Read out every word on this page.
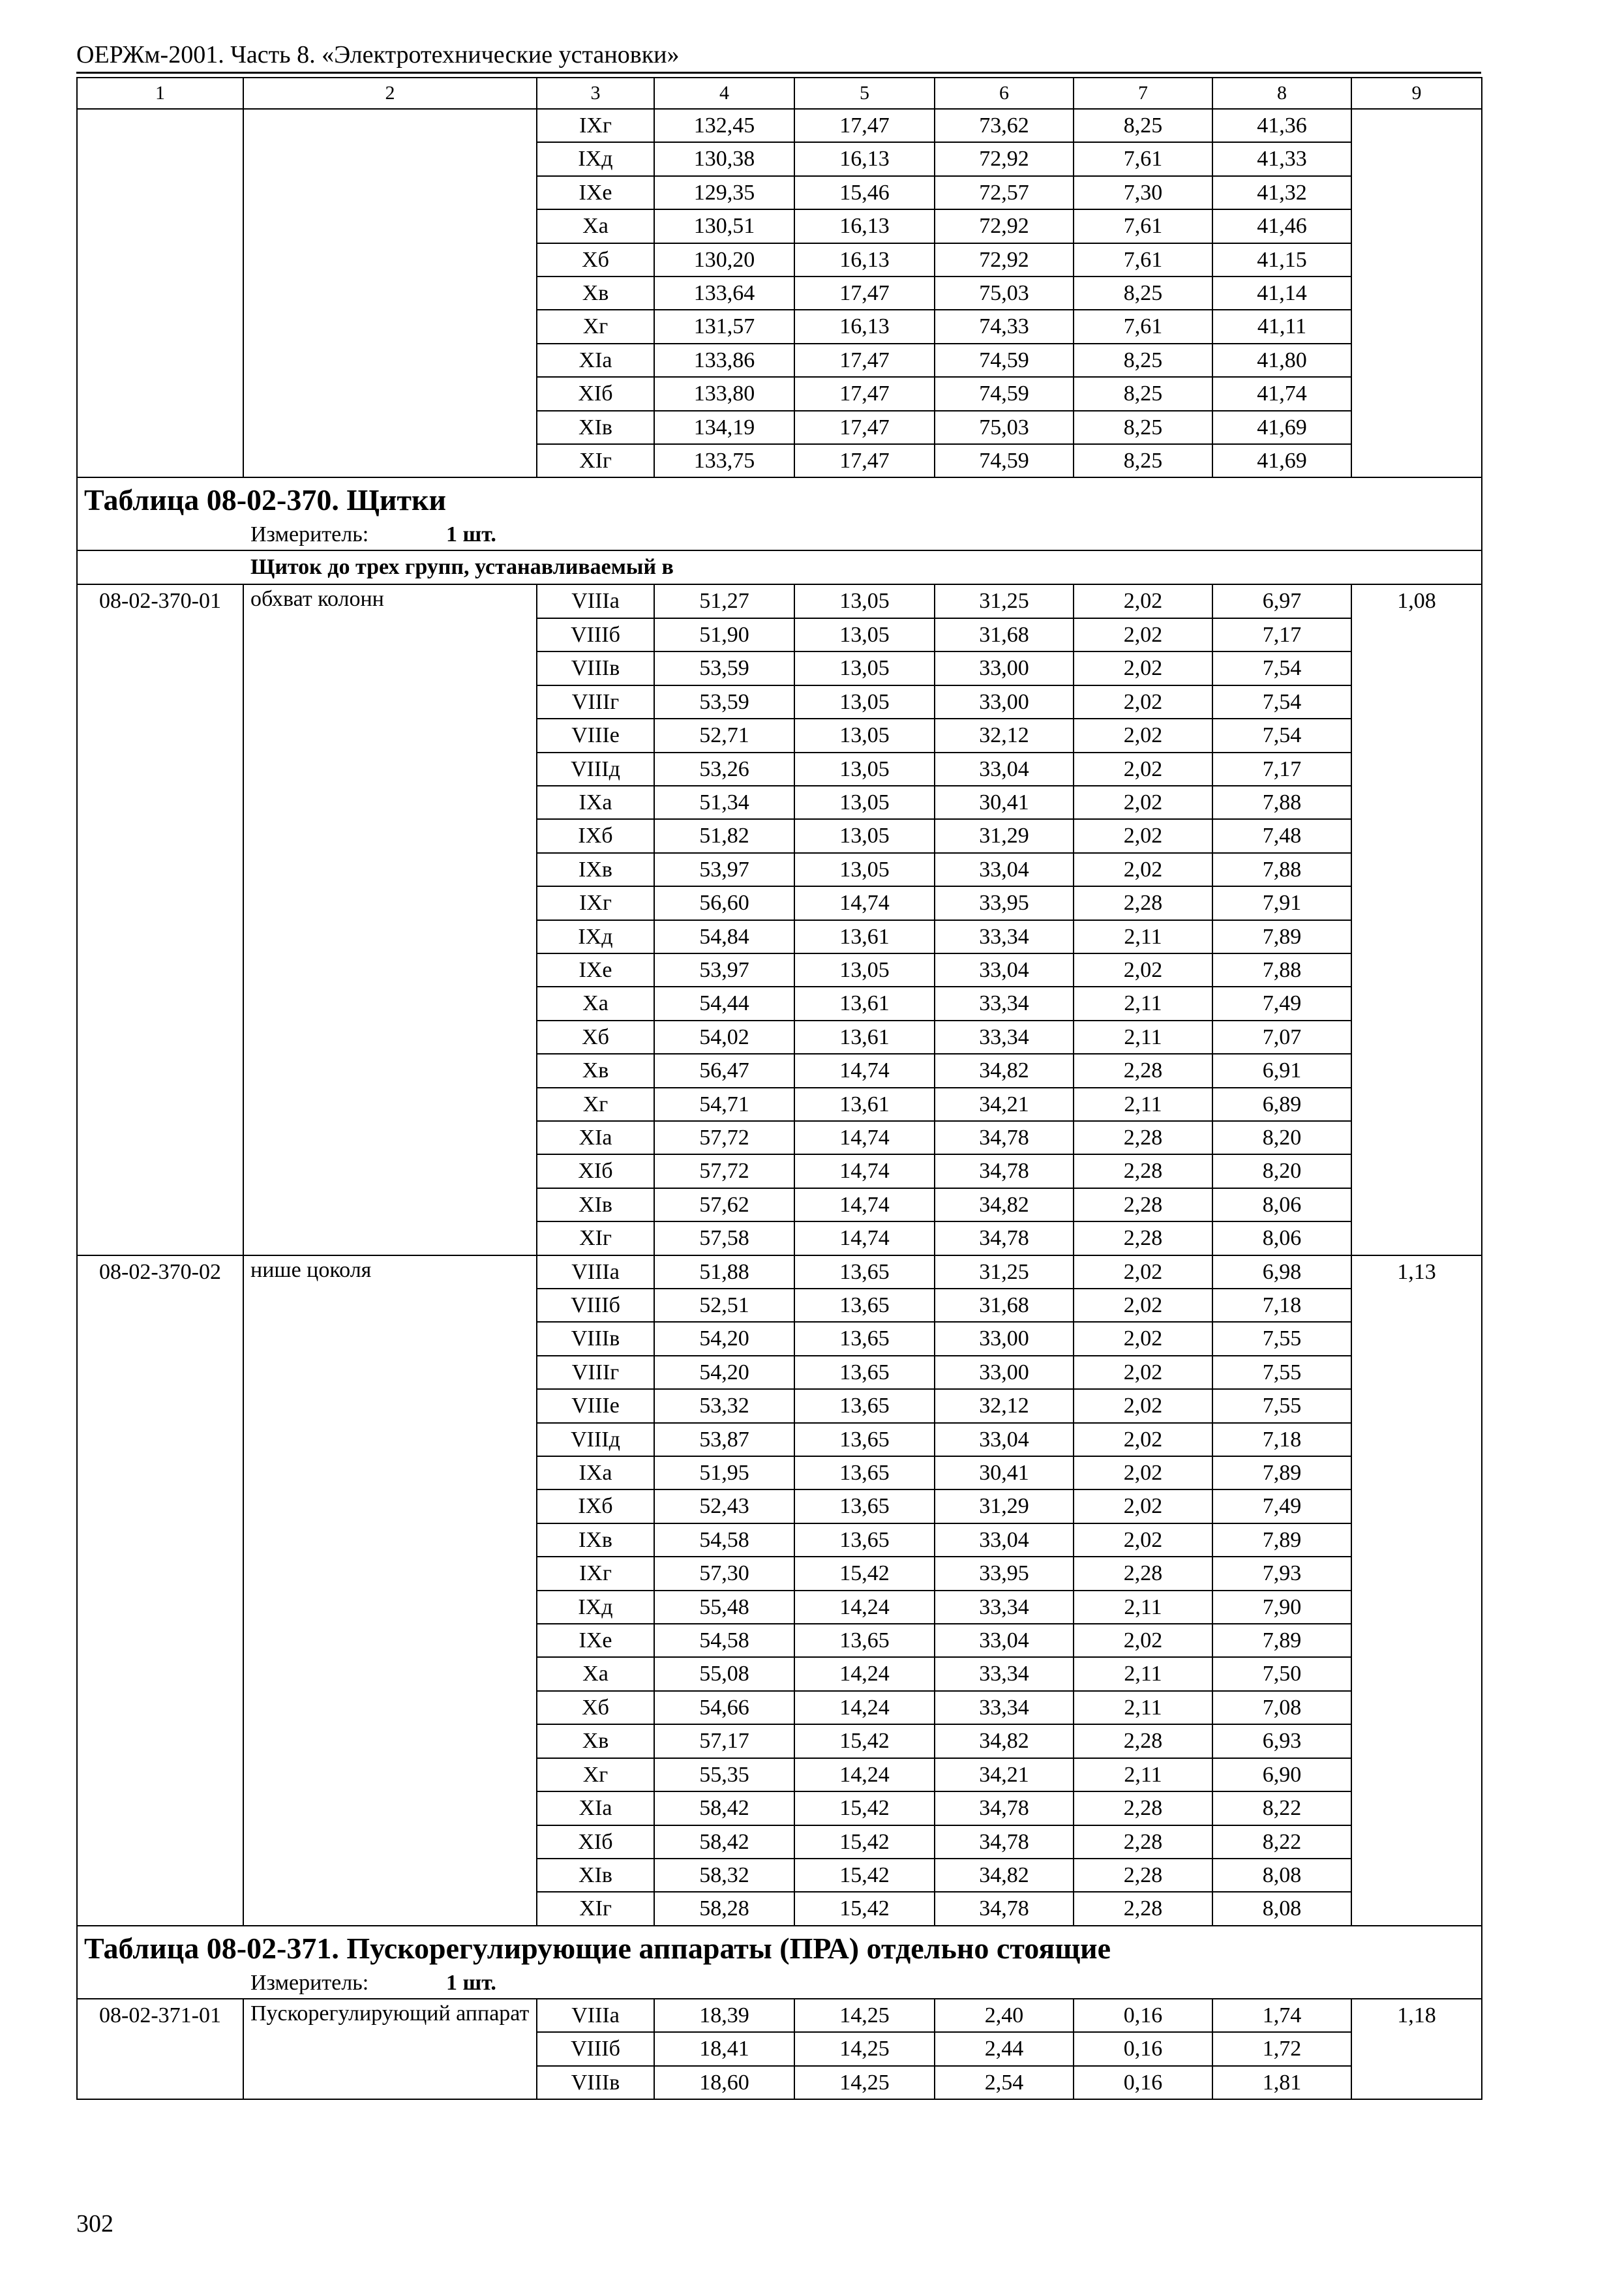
ОЕРЖм-2001. Часть 8. «Электротехнические установки»
1	2	3	4	5	6	7	8	9
		IXг	132,45	17,47	73,62	8,25	41,36	
		IXд	130,38	16,13	72,92	7,61	41,33	
		IXе	129,35	15,46	72,57	7,30	41,32	
		Xa	130,51	16,13	72,92	7,61	41,46	
		Xб	130,20	16,13	72,92	7,61	41,15	
		Xв	133,64	17,47	75,03	8,25	41,14	
		Xг	131,57	16,13	74,33	7,61	41,11	
		XIa	133,86	17,47	74,59	8,25	41,80	
		XIб	133,80	17,47	74,59	8,25	41,74	
		XIв	134,19	17,47	75,03	8,25	41,69	
		XIг	133,75	17,47	74,59	8,25	41,69	
Таблица 08-02-370. Щитки								
Измеритель: 1 шт.								
Щиток до трех групп, устанавливаемый в								
08-02-370-01	обхват колонн	VIIIa	51,27	13,05	31,25	2,02	6,97	1,08
		VIIIб	51,90	13,05	31,68	2,02	7,17	
		VIIIв	53,59	13,05	33,00	2,02	7,54	
		VIIIг	53,59	13,05	33,00	2,02	7,54	
		VIIIе	52,71	13,05	32,12	2,02	7,54	
		VIIIд	53,26	13,05	33,04	2,02	7,17	
		IXa	51,34	13,05	30,41	2,02	7,88	
		IXб	51,82	13,05	31,29	2,02	7,48	
		IXв	53,97	13,05	33,04	2,02	7,88	
		IXг	56,60	14,74	33,95	2,28	7,91	
		IXд	54,84	13,61	33,34	2,11	7,89	
		IXе	53,97	13,05	33,04	2,02	7,88	
		Xa	54,44	13,61	33,34	2,11	7,49	
		Xб	54,02	13,61	33,34	2,11	7,07	
		Xв	56,47	14,74	34,82	2,28	6,91	
		Xг	54,71	13,61	34,21	2,11	6,89	
		XIa	57,72	14,74	34,78	2,28	8,20	
		XIб	57,72	14,74	34,78	2,28	8,20	
		XIв	57,62	14,74	34,82	2,28	8,06	
		XIг	57,58	14,74	34,78	2,28	8,06	
08-02-370-02	нише цоколя	VIIIa	51,88	13,65	31,25	2,02	6,98	1,13
		VIIIб	52,51	13,65	31,68	2,02	7,18	
		VIIIв	54,20	13,65	33,00	2,02	7,55	
		VIIIг	54,20	13,65	33,00	2,02	7,55	
		VIIIе	53,32	13,65	32,12	2,02	7,55	
		VIIIд	53,87	13,65	33,04	2,02	7,18	
		IXa	51,95	13,65	30,41	2,02	7,89	
		IXб	52,43	13,65	31,29	2,02	7,49	
		IXв	54,58	13,65	33,04	2,02	7,89	
		IXг	57,30	15,42	33,95	2,28	7,93	
		IXд	55,48	14,24	33,34	2,11	7,90	
		IXе	54,58	13,65	33,04	2,02	7,89	
		Xa	55,08	14,24	33,34	2,11	7,50	
		Xб	54,66	14,24	33,34	2,11	7,08	
		Xв	57,17	15,42	34,82	2,28	6,93	
		Xг	55,35	14,24	34,21	2,11	6,90	
		XIa	58,42	15,42	34,78	2,28	8,22	
		XIб	58,42	15,42	34,78	2,28	8,22	
		XIв	58,32	15,42	34,82	2,28	8,08	
		XIг	58,28	15,42	34,78	2,28	8,08	
Таблица 08-02-371. Пускорегулирующие аппараты (ПРА) отдельно стоящие								
Измеритель: 1 шт.								
08-02-371-01	Пускорегулирующий аппарат	VIIIa	18,39	14,25	2,40	0,16	1,74	1,18
		VIIIб	18,41	14,25	2,44	0,16	1,72	
		VIIIв	18,60	14,25	2,54	0,16	1,81	
302
